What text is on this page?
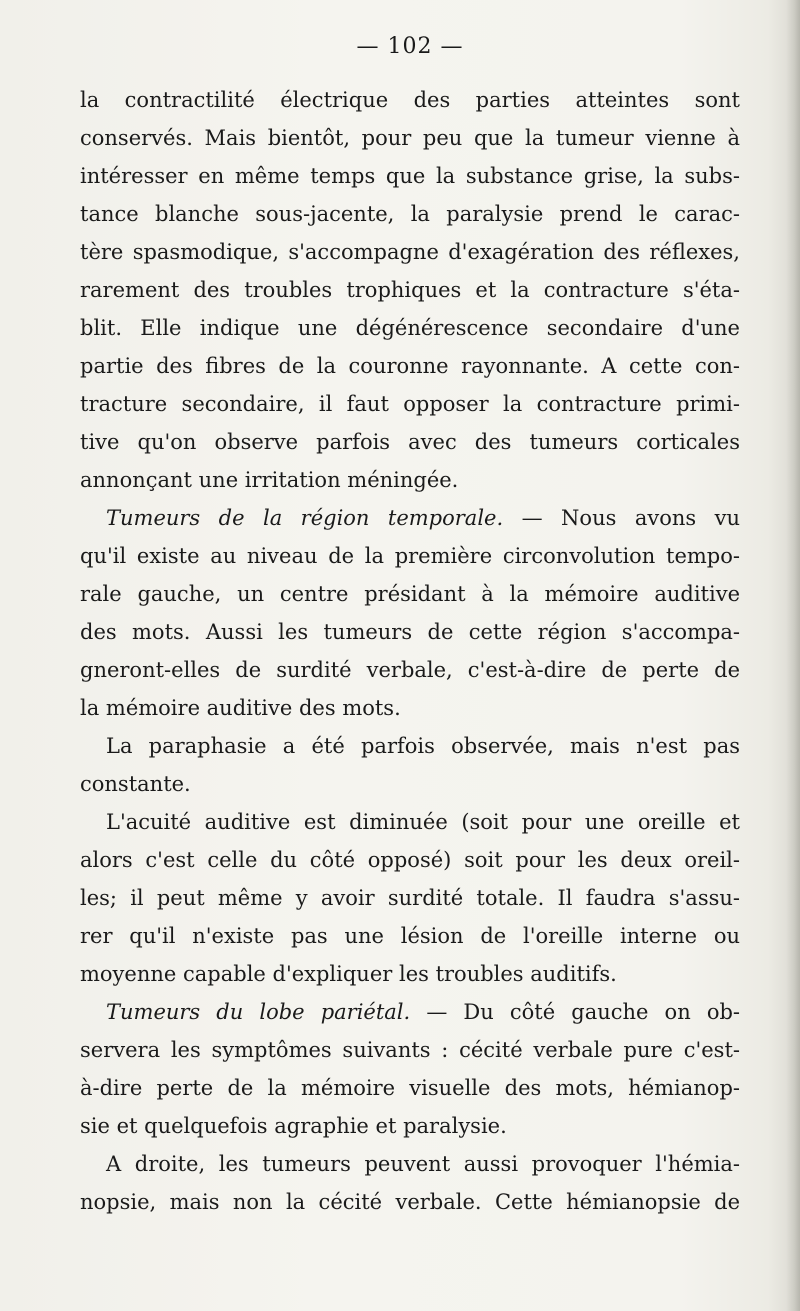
— 102 —
la contractilité électrique des parties atteintes sont
conservés. Mais bientôt, pour peu que la tumeur vienne à
intéresser en même temps que la substance grise, la subs-
tance blanche sous-jacente, la paralysie prend le carac-
tère spasmodique, s'accompagne d'exagération des réflexes,
rarement des troubles trophiques et la contracture s'éta-
blit. Elle indique une dégénérescence secondaire d'une
partie des fibres de la couronne rayonnante. A cette con-
tracture secondaire, il faut opposer la contracture primi-
tive qu'on observe parfois avec des tumeurs corticales
annonçant une irritation méningée.
Tumeurs de la région temporale. — Nous avons vu
qu'il existe au niveau de la première circonvolution tempo-
rale gauche, un centre présidant à la mémoire auditive
des mots. Aussi les tumeurs de cette région s'accompa-
gneront-elles de surdité verbale, c'est-à-dire de perte de
la mémoire auditive des mots.
La paraphasie a été parfois observée, mais n'est pas
constante.
L'acuité auditive est diminuée (soit pour une oreille et
alors c'est celle du côté opposé) soit pour les deux oreil-
les; il peut même y avoir surdité totale. Il faudra s'assu-
rer qu'il n'existe pas une lésion de l'oreille interne ou
moyenne capable d'expliquer les troubles auditifs.
Tumeurs du lobe pariétal. — Du côté gauche on ob-
servera les symptômes suivants : cécité verbale pure c'est-
à-dire perte de la mémoire visuelle des mots, hémianop-
sie et quelquefois agraphie et paralysie.
A droite, les tumeurs peuvent aussi provoquer l'hémia-
nopsie, mais non la cécité verbale. Cette hémianopsie de
